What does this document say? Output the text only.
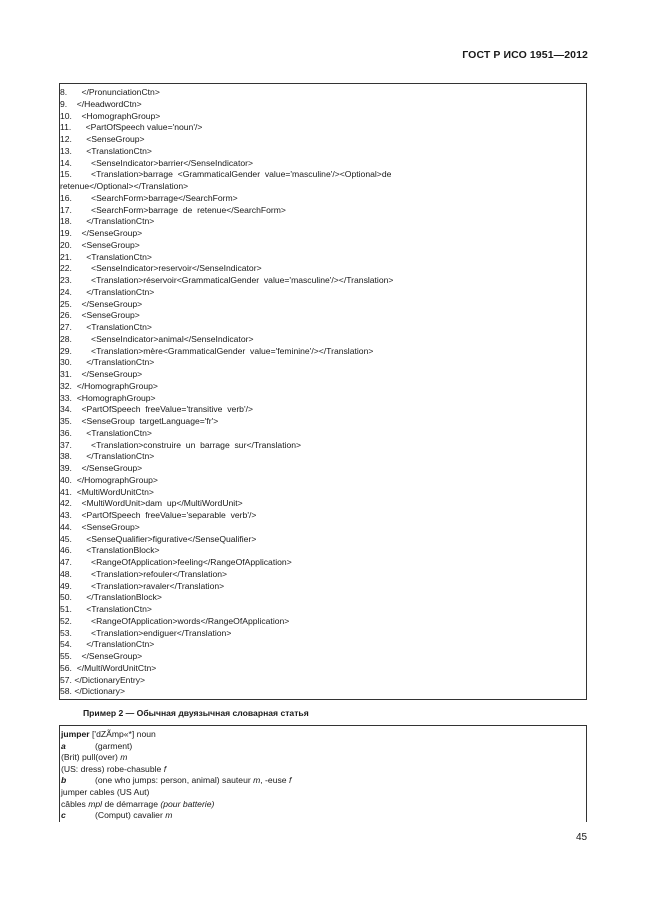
ГОСТ Р ИСО 1951—2012
8.      </PronunciationCtn>
9.    </HeadwordCtn>
10.    <HomographGroup>
11.      <PartOfSpeech value='noun'/>
12.      <SenseGroup>
13.      <TranslationCtn>
14.        <SenseIndicator>barrier</SenseIndicator>
15.        <Translation>barrage  <GrammaticalGender  value='masculine'/><Optional>de
retenue</Optional></Translation>
16.        <SearchForm>barrage</SearchForm>
17.        <SearchForm>barrage  de  retenue</SearchForm>
18.      </TranslationCtn>
19.    </SenseGroup>
20.    <SenseGroup>
21.      <TranslationCtn>
22.        <SenseIndicator>reservoir</SenseIndicator>
23.        <Translation>réservoir<GrammaticalGender  value='masculine'/></Translation>
24.      </TranslationCtn>
25.    </SenseGroup>
26.    <SenseGroup>
27.      <TranslationCtn>
28.        <SenseIndicator>animal</SenseIndicator>
29.        <Translation>mère<GrammaticalGender  value='feminine'/></Translation>
30.      </TranslationCtn>
31.    </SenseGroup>
32.  </HomographGroup>
33.  <HomographGroup>
34.    <PartOfSpeech  freeValue='transitive  verb'/>
35.    <SenseGroup  targetLanguage='fr'>
36.      <TranslationCtn>
37.        <Translation>construire  un  barrage  sur</Translation>
38.      </TranslationCtn>
39.    </SenseGroup>
40.  </HomographGroup>
41.  <MultiWordUnitCtn>
42.    <MultiWordUnit>dam  up</MultiWordUnit>
43.    <PartOfSpeech  freeValue='separable  verb'/>
44.    <SenseGroup>
45.      <SenseQualifier>figurative</SenseQualifier>
46.      <TranslationBlock>
47.        <RangeOfApplication>feeling</RangeOfApplication>
48.        <Translation>refouler</Translation>
49.        <Translation>ravaler</Translation>
50.      </TranslationBlock>
51.      <TranslationCtn>
52.        <RangeOfApplication>words</RangeOfApplication>
53.        <Translation>endiguer</Translation>
54.      </TranslationCtn>
55.    </SenseGroup>
56.  </MultiWordUnitCtn>
57. </DictionaryEntry>
58. </Dictionary>
Пример 2 — Обычная двуязычная словарная статья
jumper ['dZÃmp«*] noun
a	(garment)
(Brit) pull(over) m
(US: dress) robe-chasuble f
b	(one who jumps: person, animal) sauteur m, -euse f
jumper cables (US Aut)
câbles mpl de démarrage (pour batterie)
c	(Comput) cavalier m
45
